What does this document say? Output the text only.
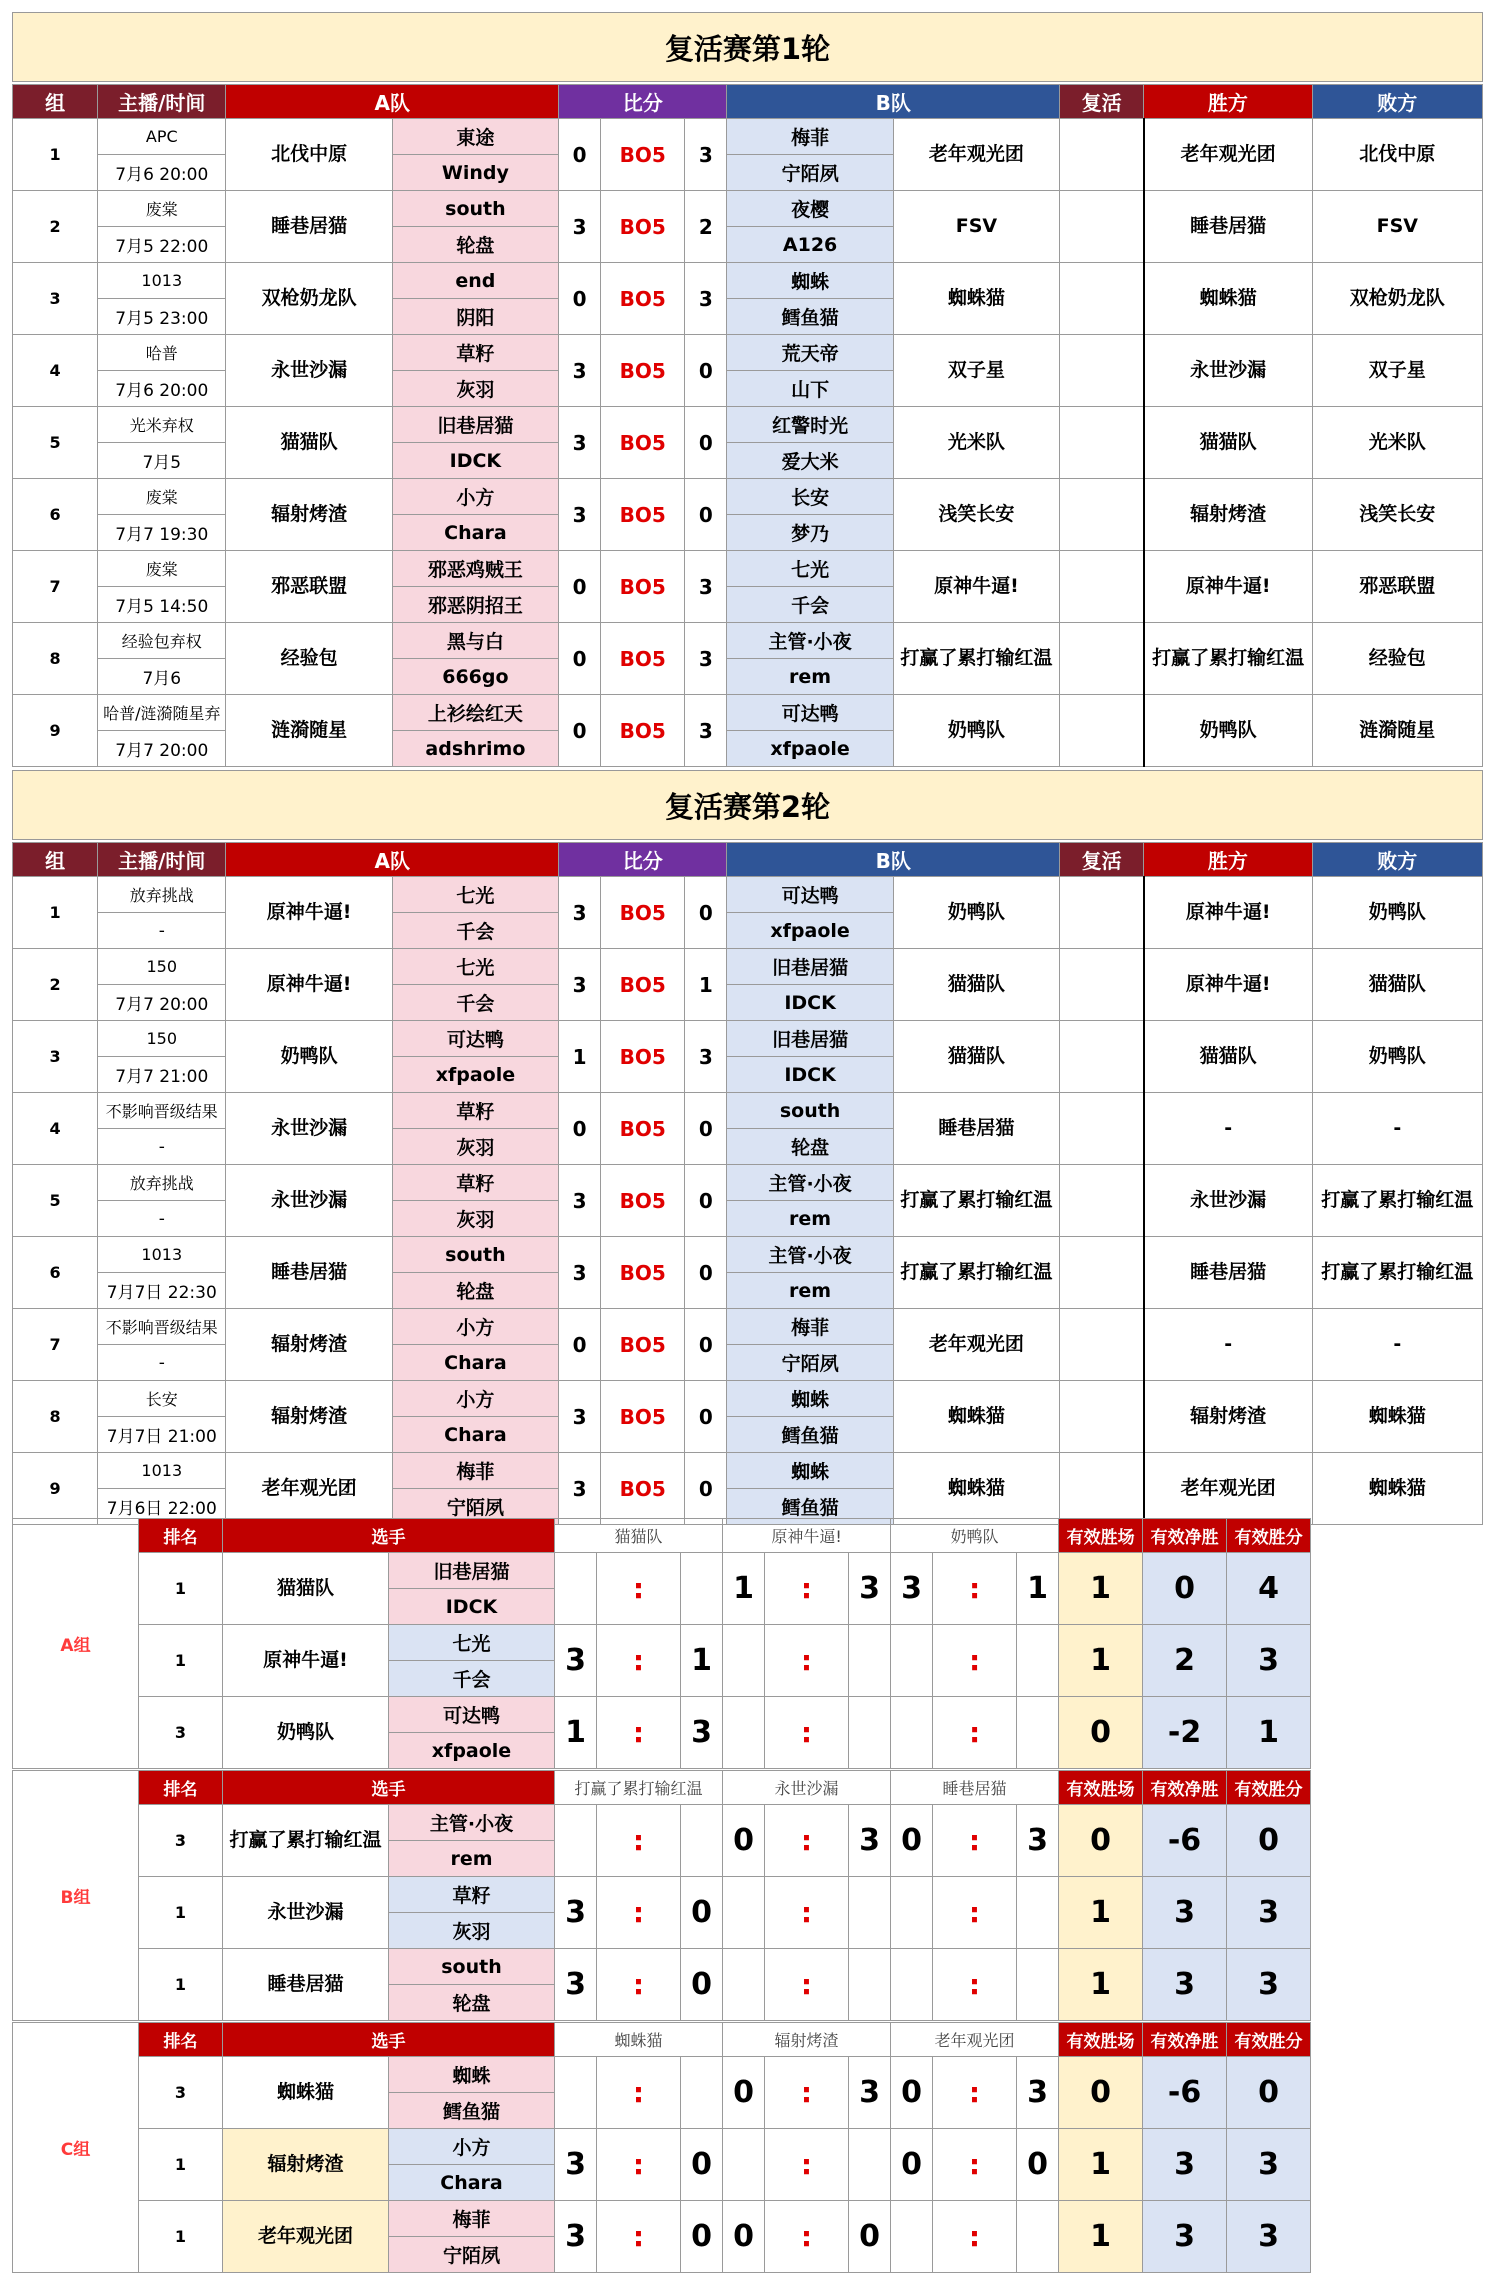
复活赛第1轮
组	主播/时间	A队		比分			B队		复活	胜方	败方
1	APC	北伐中原	東途	0	BO5	3	梅菲	老年观光团		老年观光团	北伐中原
	7月6 20:00		Windy				宁陌夙				
2	废棠	睡巷居猫	south	3	BO5	2	夜樱	FSV		睡巷居猫	FSV
	7月5 22:00		轮盘				A126				
3	1013	双枪奶龙队	end	0	BO5	3	蜘蛛	蜘蛛猫		蜘蛛猫	双枪奶龙队
	7月5 23:00		阴阳				鳕鱼猫				
4	哈普	永世沙漏	草籽	3	BO5	0	荒天帝	双子星		永世沙漏	双子星
	7月6 20:00		灰羽				山下				
5	光米弃权	猫猫队	旧巷居猫	3	BO5	0	红警时光	光米队		猫猫队	光米队
	7月5		IDCK				爱大米				
6	废棠	辐射烤渣	小方	3	BO5	0	长安	浅笑长安		辐射烤渣	浅笑长安
	7月7 19:30		Chara				梦乃				
7	废棠	邪恶联盟	邪恶鸡贼王	0	BO5	3	七光	原神牛逼!		原神牛逼!	邪恶联盟
	7月5 14:50		邪恶阴招王				千会				
8	经验包弃权	经验包	黑与白	0	BO5	3	主管·小夜	打赢了累打输红温		打赢了累打输红温	经验包
	7月6		666go				rem				
9	哈普/涟漪随星弃	涟漪随星	上衫绘红天	0	BO5	3	可达鸭	奶鸭队		奶鸭队	涟漪随星
	7月7 20:00		adshrimo				xfpaole				
复活赛第2轮
组	主播/时间	A队		比分			B队		复活	胜方	败方
1	放弃挑战	原神牛逼!	七光	3	BO5	0	可达鸭	奶鸭队		原神牛逼!	奶鸭队
	-		千会				xfpaole				
2	150	原神牛逼!	七光	3	BO5	1	旧巷居猫	猫猫队		原神牛逼!	猫猫队
	7月7 20:00		千会				IDCK				
3	150	奶鸭队	可达鸭	1	BO5	3	旧巷居猫	猫猫队		猫猫队	奶鸭队
	7月7 21:00		xfpaole				IDCK				
4	不影响晋级结果	永世沙漏	草籽	0	BO5	0	south	睡巷居猫		-	-
	-		灰羽				轮盘				
5	放弃挑战	永世沙漏	草籽	3	BO5	0	主管·小夜	打赢了累打输红温		永世沙漏	打赢了累打输红温
	-		灰羽				rem				
6	1013	睡巷居猫	south	3	BO5	0	主管·小夜	打赢了累打输红温		睡巷居猫	打赢了累打输红温
	7月7日 22:30		轮盘				rem				
7	不影响晋级结果	辐射烤渣	小方	0	BO5	0	梅菲	老年观光团		-	-
	-		Chara				宁陌夙				
8	长安	辐射烤渣	小方	3	BO5	0	蜘蛛	蜘蛛猫		辐射烤渣	蜘蛛猫
	7月7日 21:00		Chara				鳕鱼猫				
9	1013	老年观光团	梅菲	3	BO5	0	蜘蛛	蜘蛛猫		老年观光团	蜘蛛猫
	7月6日 22:00		宁陌夙				鳕鱼猫				
A组	排名	选手		猫猫队			原神牛逼!			奶鸭队			有效胜场	有效净胜	有效胜分	
	1	猫猫队	旧巷居猫		:		1	:	3	3	:	1	1	0	4	
			IDCK													
	1	原神牛逼!	七光	3	:	1		:			:		1	2	3	
			千会													
	3	奶鸭队	可达鸭	1	:	3		:			:		0	-2	1	
			xfpaole													
B组	排名	选手		打赢了累打输红温			永世沙漏			睡巷居猫			有效胜场	有效净胜	有效胜分	
	3	打赢了累打输红温	主管·小夜		:		0	:	3	0	:	3	0	-6	0	
			rem													
	1	永世沙漏	草籽	3	:	0		:			:		1	3	3	
			灰羽													
	1	睡巷居猫	south	3	:	0		:			:		1	3	3	
			轮盘													
C组	排名	选手		蜘蛛猫			辐射烤渣			老年观光团			有效胜场	有效净胜	有效胜分	
	3	蜘蛛猫	蜘蛛		:		0	:	3	0	:	3	0	-6	0	
			鳕鱼猫													
	1	辐射烤渣	小方	3	:	0		:		0	:	0	1	3	3	
			Chara													
	1	老年观光团	梅菲	3	:	0	0	:	0		:		1	3	3	
			宁陌夙													
